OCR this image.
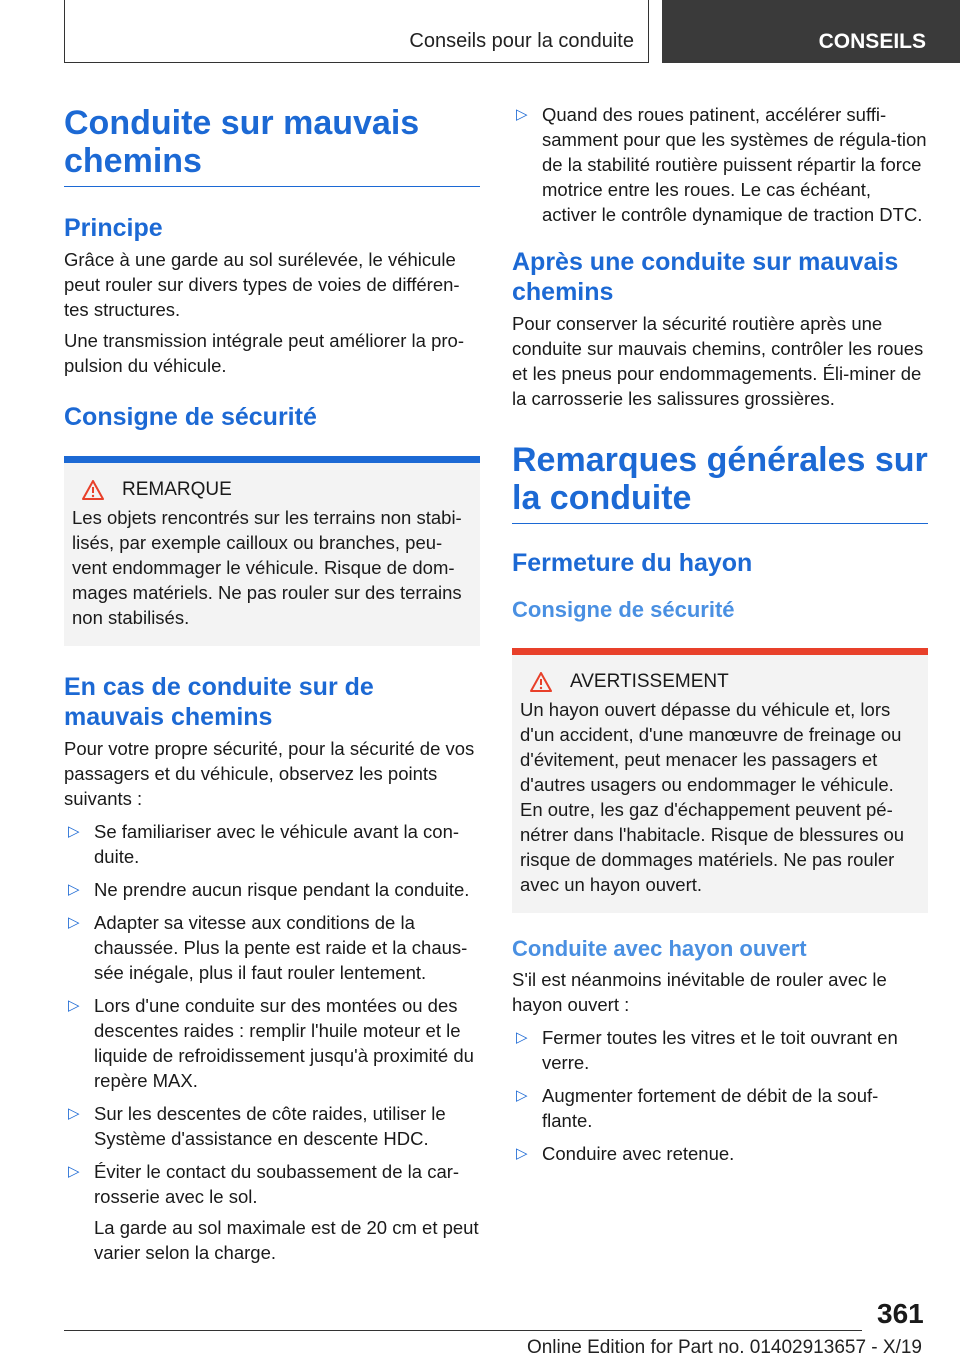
Conseils pour la conduite	CONSEILS
Conduite sur mauvais chemins
Principe

Grâce à une garde au sol surélevée, le véhicule peut rouler sur divers types de voies de différen-tes structures.

Une transmission intégrale peut améliorer la pro-pulsion du véhicule.

Consigne de sécurité
REMARQUE

Les objets rencontrés sur les terrains non stabi-lisés, par exemple cailloux ou branches, peu-vent endommager le véhicule. Risque de dom-mages matériels. Ne pas rouler sur des terrains non stabilisés.

En cas de conduite sur de mauvais chemins

Pour votre propre sécurité, pour la sécurité de vos passagers et du véhicule, observez les points suivants :

▷ Se familiariser avec le véhicule avant la con-duite.
▷ Ne prendre aucun risque pendant la conduite.
▷ Adapter sa vitesse aux conditions de la chaussée. Plus la pente est raide et la chaus-sée inégale, plus il faut rouler lentement.
▷ Lors d'une conduite sur des montées ou des descentes raides : remplir l'huile moteur et le liquide de refroidissement jusqu'à proximité du repère MAX.
▷ Sur les descentes de côte raides, utiliser le Système d'assistance en descente HDC.
▷ Éviter le contact du soubassement de la car-rosserie avec le sol.
La garde au sol maximale est de 20 cm et peut varier selon la charge.
▷ Quand des roues patinent, accélérer suffi-samment pour que les systèmes de régula-tion de la stabilité routière puissent répartir la force motrice entre les roues. Le cas échéant, activer le contrôle dynamique de traction DTC.
Après une conduite sur mauvais chemins

Pour conserver la sécurité routière après une conduite sur mauvais chemins, contrôler les roues et les pneus pour endommagements. Éli-miner de la carrosserie les salissures grossières.

Remarques générales sur la conduite
Fermeture du hayon
Consigne de sécurité
AVERTISSEMENT

Un hayon ouvert dépasse du véhicule et, lors d'un accident, d'une manœuvre de freinage ou d'évitement, peut menacer les passagers et d'autres usagers ou endommager le véhicule. En outre, les gaz d'échappement peuvent pé-nétrer dans l'habitacle. Risque de blessures ou risque de dommages matériels. Ne pas rouler avec un hayon ouvert.

Conduite avec hayon ouvert

S'il est néanmoins inévitable de rouler avec le hayon ouvert :

▷ Fermer toutes les vitres et le toit ouvrant en verre.
▷ Augmenter fortement de débit de la souf-flante.
▷ Conduire avec retenue.
361
Online Edition for Part no. 01402913657 - X/19
